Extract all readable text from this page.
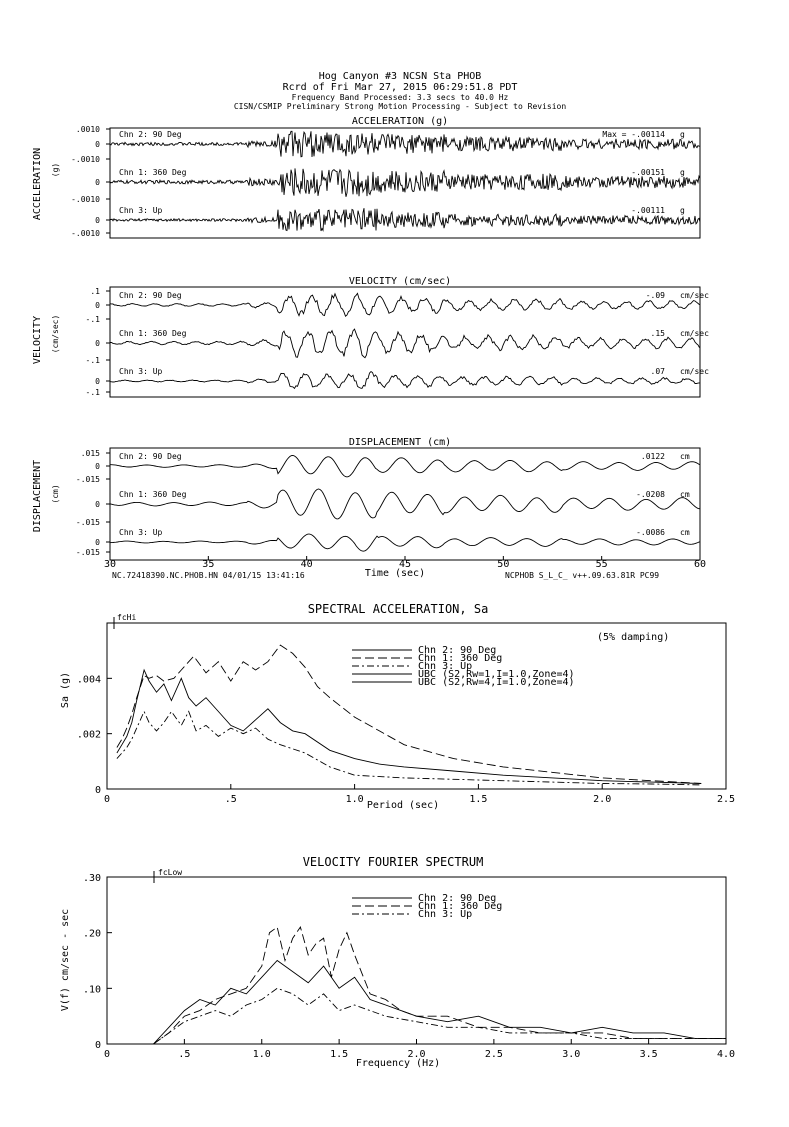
Hog Canyon #3 NCSN Sta PHOB
Rcrd of Fri Mar 27, 2015 06:29:51.8 PDT
Frequency Band Processed: 3.3 secs to 40.0 Hz
CISN/CSMIP Preliminary Strong Motion Processing - Subject to Revision
ACCELERATION (g)
ACCELERATION (g)
Chn 2: 90 Deg	Max = -.00114 g
.0010
0
-.0010
Chn 1: 360 Deg	-.00151 g
0
-.0010
Chn 3: Up	-.00111 g
0
-.0010
VELOCITY (cm/sec)
VELOCITY (cm/sec)
Chn 2: 90 Deg	-.09 cm/sec
.1
0
-.1
Chn 1: 360 Deg	.15 cm/sec
0
-.1
Chn 3: Up	.07 cm/sec
0
-.1
DISPLACEMENT (cm)
DISPLACEMENT (cm)
Chn 2: 90 Deg	.0122 cm
.015
0
-.015
Chn 1: 360 Deg	-.0208 cm
0
-.015
Chn 3: Up	-.0086 cm
0
-.015
30	35	40	45	50	55	60
Time (sec)
NC.72418390.NC.PHOB.HN 04/01/15 13:41:16	NCPHOB S_L_C_ v++.09.63.81R PC99
SPECTRAL ACCELERATION, Sa
Sa (g)
Period (sec)
fcHi
(5% damping)
0	.5	1.0	1.5	2.0	2.5
0
.002
.004
Chn 2: 90 Deg
Chn 1: 360 Deg
Chn 3: Up
UBC (S2,Rw=1,I=1.0,Zone=4)
UBC (S2,Rw=4,I=1.0,Zone=4)
VELOCITY FOURIER SPECTRUM
V(f) cm/sec - sec
Frequency (Hz)
fcLow
0	.5	1.0	1.5	2.0	2.5	3.0	3.5	4.0
0
.10
.20
.30
Chn 2: 90 Deg
Chn 1: 360 Deg
Chn 3: Up
